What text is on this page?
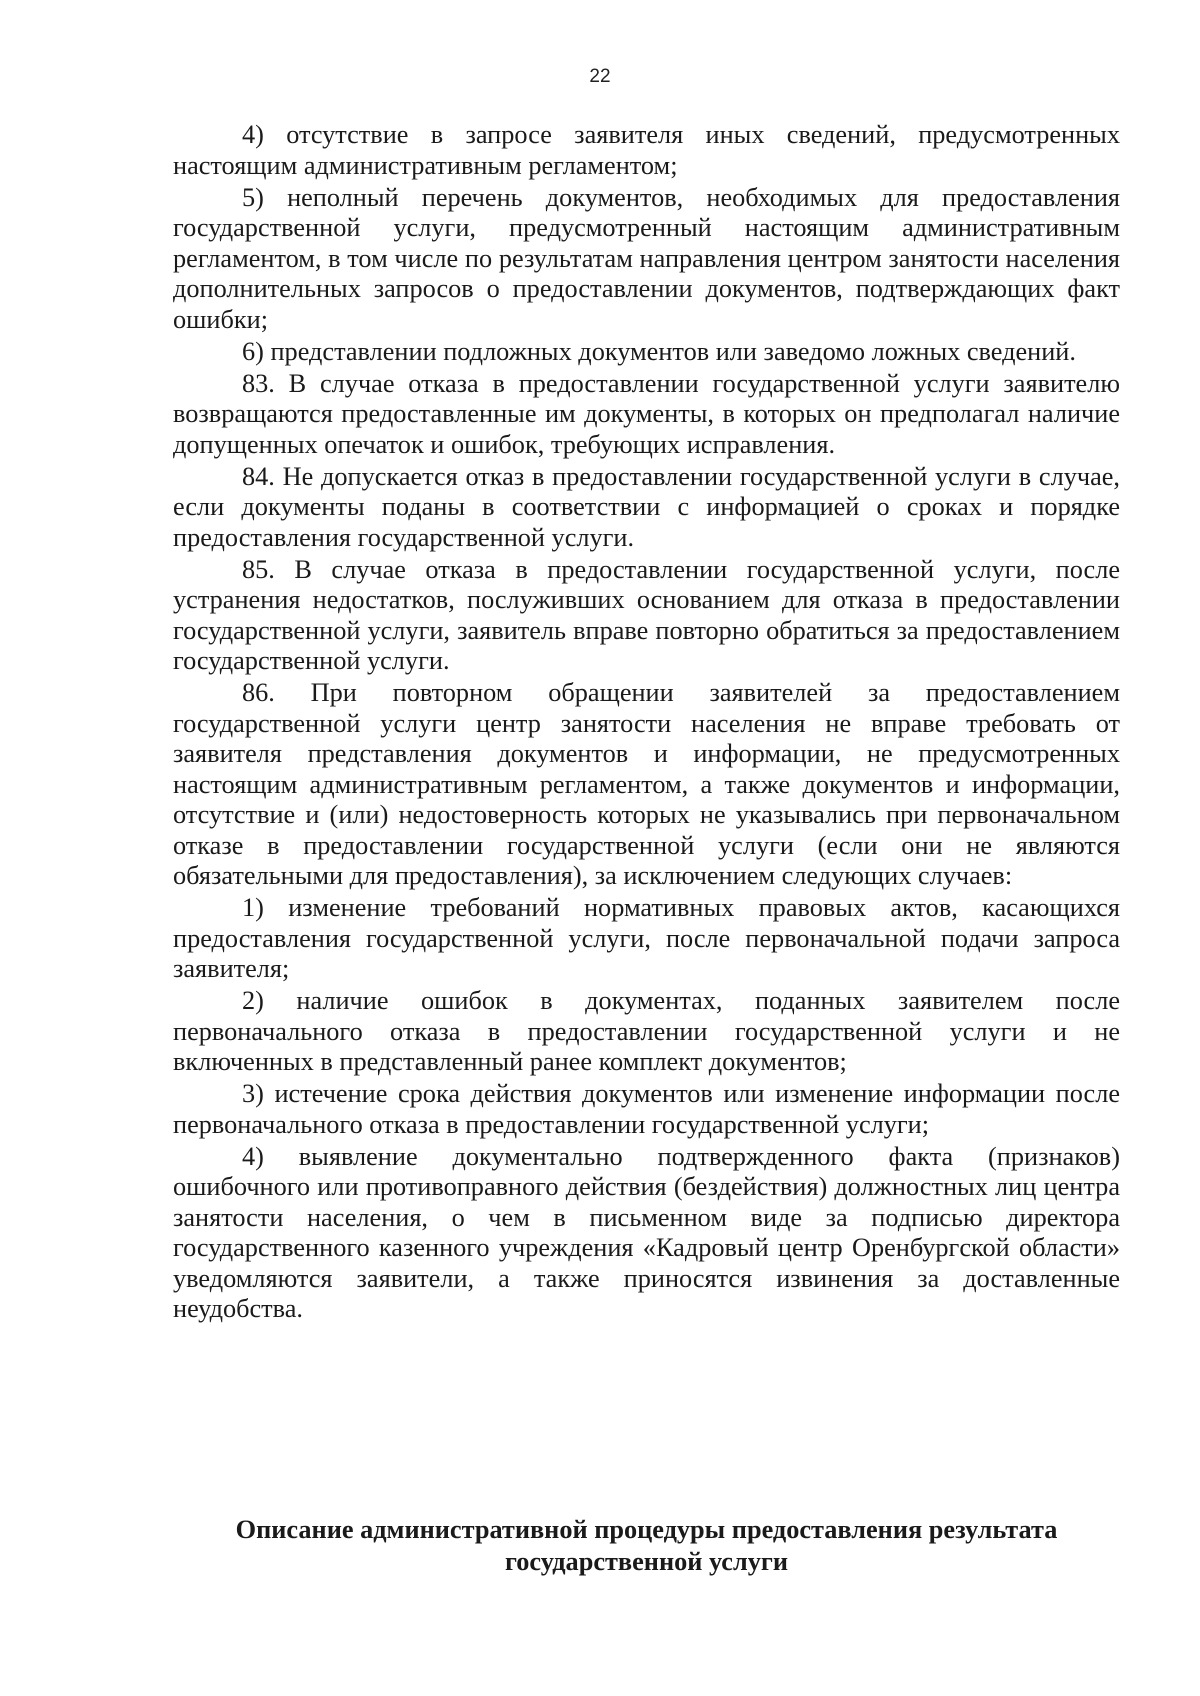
22

4) отсутствие в запросе заявителя иных сведений, предусмотренных настоящим административным регламентом;

5) неполный перечень документов, необходимых для предоставления государственной услуги, предусмотренный настоящим административным регламентом, в том числе по результатам направления центром занятости населения дополнительных запросов о предоставлении документов, подтверждающих факт ошибки;

6) представлении подложных документов или заведомо ложных сведений.

83. В случае отказа в предоставлении государственной услуги заявителю возвращаются предоставленные им документы, в которых он предполагал наличие допущенных опечаток и ошибок, требующих исправления.

84. Не допускается отказ в предоставлении государственной услуги в случае, если документы поданы в соответствии с информацией о сроках и порядке предоставления государственной услуги.

85. В случае отказа в предоставлении государственной услуги, после устранения недостатков, послуживших основанием для отказа в предоставлении государственной услуги, заявитель вправе повторно обратиться за предоставлением государственной услуги.

86. При повторном обращении заявителей за предоставлением государственной услуги центр занятости населения не вправе требовать от заявителя представления документов и информации, не предусмотренных настоящим административным регламентом, а также документов и информации, отсутствие и (или) недостоверность которых не указывались при первоначальном отказе в предоставлении государственной услуги (если они не являются обязательными для предоставления), за исключением следующих случаев:

1) изменение требований нормативных правовых актов, касающихся предоставления государственной услуги, после первоначальной подачи запроса заявителя;

2) наличие ошибок в документах, поданных заявителем после первоначального отказа в предоставлении государственной услуги и не включенных в представленный ранее комплект документов;

3) истечение срока действия документов или изменение информации после первоначального отказа в предоставлении государственной услуги;

4) выявление документально подтвержденного факта (признаков) ошибочного или противоправного действия (бездействия) должностных лиц центра занятости населения, о чем в письменном виде за подписью директора государственного казенного учреждения «Кадровый центр Оренбургской области» уведомляются заявители, а также приносятся извинения за доставленные неудобства.

Описание административной процедуры предоставления результата
государственной услуги
